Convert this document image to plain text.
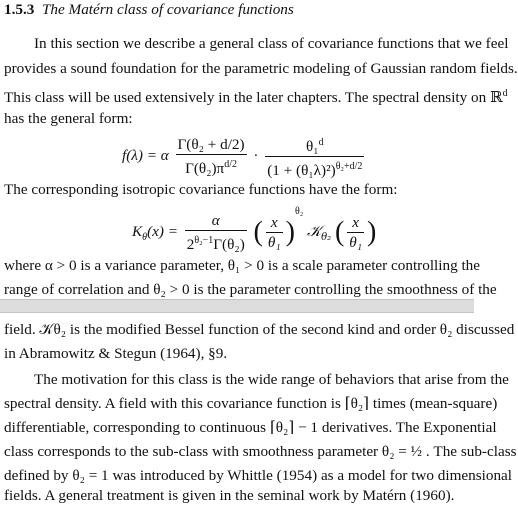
1.5.3 The Matérn class of covariance functions
In this section we describe a general class of covariance functions that we feel
provides a sound foundation for the parametric modeling of Gaussian random fields.
This class will be used extensively in the later chapters. The spectral density on ℝ$^d$
has the general form:
f(λ) = α $\frac{\text{Γ(θ₂ + d/2)}}{\Gamma(\theta_2)\pi^{d/2}} \cdot \frac{\theta_1^d}{(1 + (\theta_1\lambda)^2)^{\theta_2+d/2}}$
The corresponding isotropic covariance functions have the form:
$K_\theta(x) = \frac{\alpha}{2^{\theta_2-1}\Gamma(\theta_2)}$ ( $\frac{x}{\text{θ₁}} )^{\theta_2}$ 𝒦$_{\theta_2}$ ( $\frac{x}{\text{θ₁}}$ )
where α > 0 is a variance parameter, θ₁ > 0 is a scale parameter controlling the
range of correlation and θ₂ > 0 is the parameter controlling the smoothness of the
field. 𝒦θ₂ is the modified Bessel function of the second kind and order θ₂ discussed
in Abramowitz & Stegun (1964), §9.
The motivation for this class is the wide range of behaviors that arise from the
spectral density. A field with this covariance function is ⌈θ₂⌉ times (mean-square)
differentiable, corresponding to continuous ⌈θ₂⌉ − 1 derivatives. The Exponential
class corresponds to the sub-class with smoothness parameter θ₂ = ½ . The sub-class
defined by θ₂ = 1 was introduced by Whittle (1954) as a model for two dimensional
fields. A general treatment is given in the seminal work by Matérn (1960).
